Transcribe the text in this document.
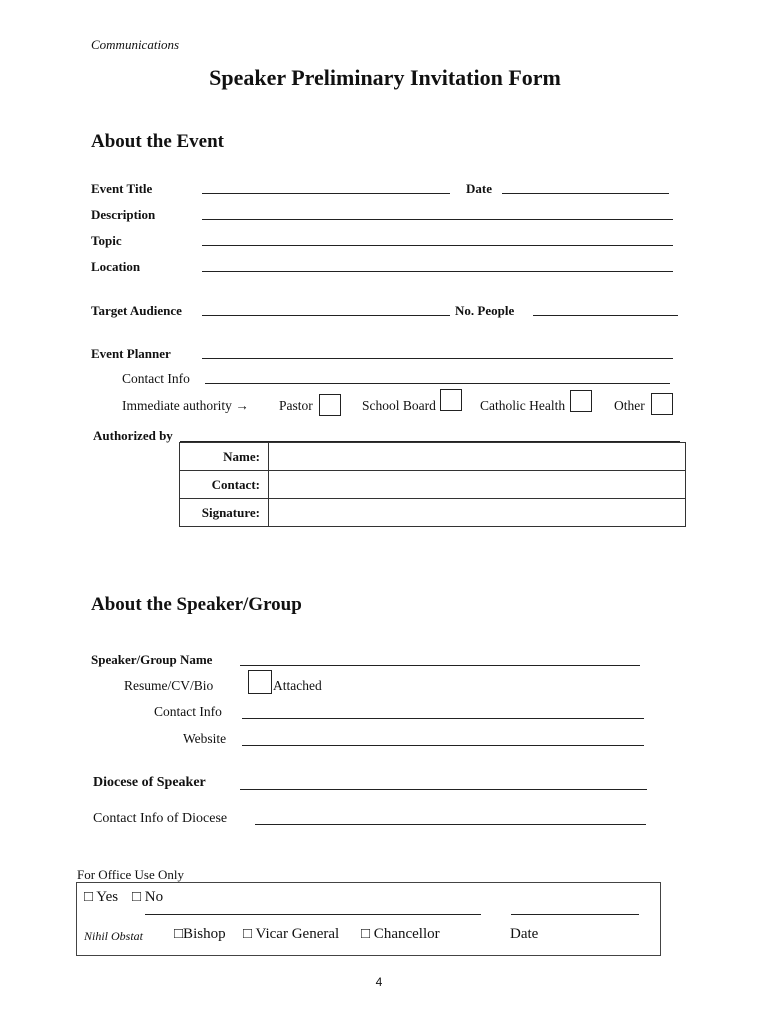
Communications
Speaker Preliminary Invitation Form
About the Event
Event Title	Date
Description
Topic
Location
Target Audience	No. People
Event Planner
Contact Info
Immediate authority → Pastor	School Board	Catholic Health	Other
Authorized by
Name:	
Contact:	
Signature:	
About the Speaker/Group
Speaker/Group Name
Resume/CV/Bio	Attached
Contact Info
Website
Diocese of Speaker
Contact Info of Diocese
For Office Use Only
□ Yes □ No
Nihil Obstat □Bishop □ Vicar General □ Chancellor	Date
4
